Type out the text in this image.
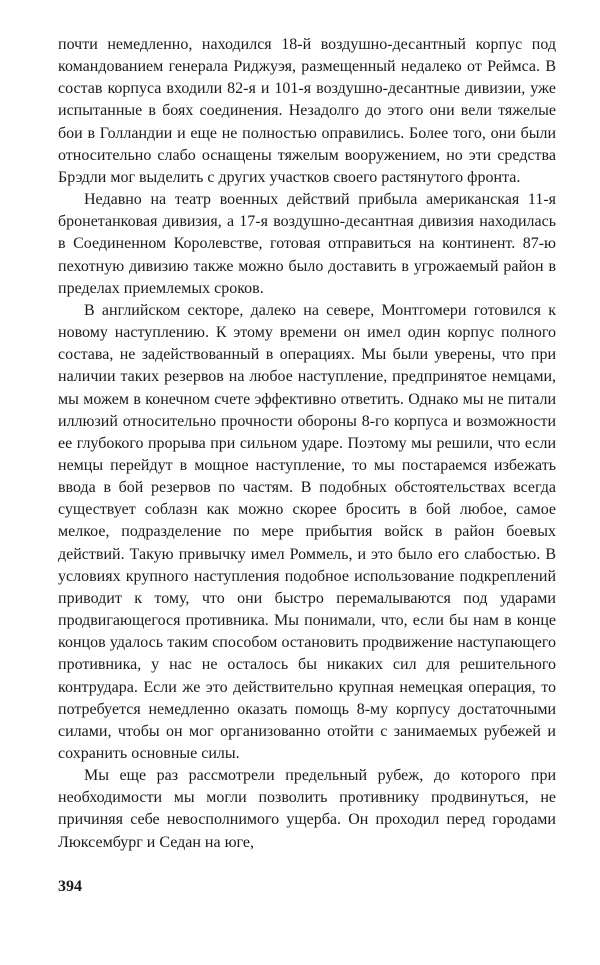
почти немедленно, находился 18-й воздушно-десантный корпус под командованием генерала Риджуэя, размещенный недалеко от Реймса. В состав корпуса входили 82-я и 101-я воздушно-десантные дивизии, уже испытанные в боях соединения. Незадолго до этого они вели тяжелые бои в Голландии и еще не полностью оправились. Более того, они были относительно слабо оснащены тяжелым вооружением, но эти средства Брэдли мог выделить с других участков своего растянутого фронта.

Недавно на театр военных действий прибыла американская 11-я бронетанковая дивизия, а 17-я воздушно-десантная дивизия находилась в Соединенном Королевстве, готовая отправиться на континент. 87-ю пехотную дивизию также можно было доставить в угрожаемый район в пределах приемлемых сроков.

В английском секторе, далеко на севере, Монтгомери готовился к новому наступлению. К этому времени он имел один корпус полного состава, не задействованный в операциях. Мы были уверены, что при наличии таких резервов на любое наступление, предпринятое немцами, мы можем в конечном счете эффективно ответить. Однако мы не питали иллюзий относительно прочности обороны 8-го корпуса и возможности ее глубокого прорыва при сильном ударе. Поэтому мы решили, что если немцы перейдут в мощное наступление, то мы постараемся избежать ввода в бой резервов по частям. В подобных обстоятельствах всегда существует соблазн как можно скорее бросить в бой любое, самое мелкое, подразделение по мере прибытия войск в район боевых действий. Такую привычку имел Роммель, и это было его слабостью. В условиях крупного наступления подобное использование подкреплений приводит к тому, что они быстро перемалываются под ударами продвигающегося противника. Мы понимали, что, если бы нам в конце концов удалось таким способом остановить продвижение наступающего противника, у нас не осталось бы никаких сил для решительного контрудара. Если же это действительно крупная немецкая операция, то потребуется немедленно оказать помощь 8-му корпусу достаточными силами, чтобы он мог организованно отойти с занимаемых рубежей и сохранить основные силы.

Мы еще раз рассмотрели предельный рубеж, до которого при необходимости мы могли позволить противнику продвинуться, не причиняя себе невосполнимого ущерба. Он проходил перед городами Люксембург и Седан на юге,

394
